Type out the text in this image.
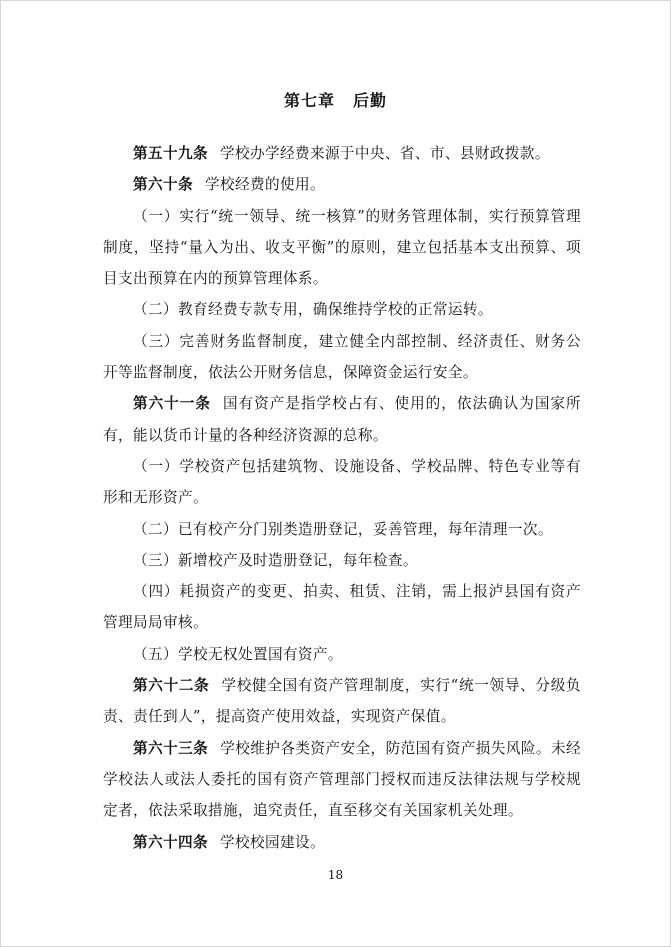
第七章 后勤

第五十九条 学校办学经费来源于中央、省、市、县财政拨款。

第六十条 学校经费的使用。

（一）实行“统一领导、统一核算”的财务管理体制，实行预算管理制度，坚持“量入为出、收支平衡”的原则，建立包括基本支出预算、项目支出预算在内的预算管理体系。

（二）教育经费专款专用，确保维持学校的正常运转。

（三）完善财务监督制度，建立健全内部控制、经济责任、财务公开等监督制度，依法公开财务信息，保障资金运行安全。

第六十一条 国有资产是指学校占有、使用的，依法确认为国家所有，能以货币计量的各种经济资源的总称。

（一）学校资产包括建筑物、设施设备、学校品牌、特色专业等有形和无形资产。

（二）已有校产分门别类造册登记，妥善管理，每年清理一次。

（三）新增校产及时造册登记，每年检查。

（四）耗损资产的变更、拍卖、租赁、注销，需上报泸县国有资产管理局局审核。

（五）学校无权处置国有资产。

第六十二条 学校健全国有资产管理制度，实行“统一领导、分级负责、责任到人”，提高资产使用效益，实现资产保值。

第六十三条 学校维护各类资产安全，防范国有资产损失风险。未经学校法人或法人委托的国有资产管理部门授权而违反法律法规与学校规定者，依法采取措施，追究责任，直至移交有关国家机关处理。

第六十四条 学校校园建设。

18
